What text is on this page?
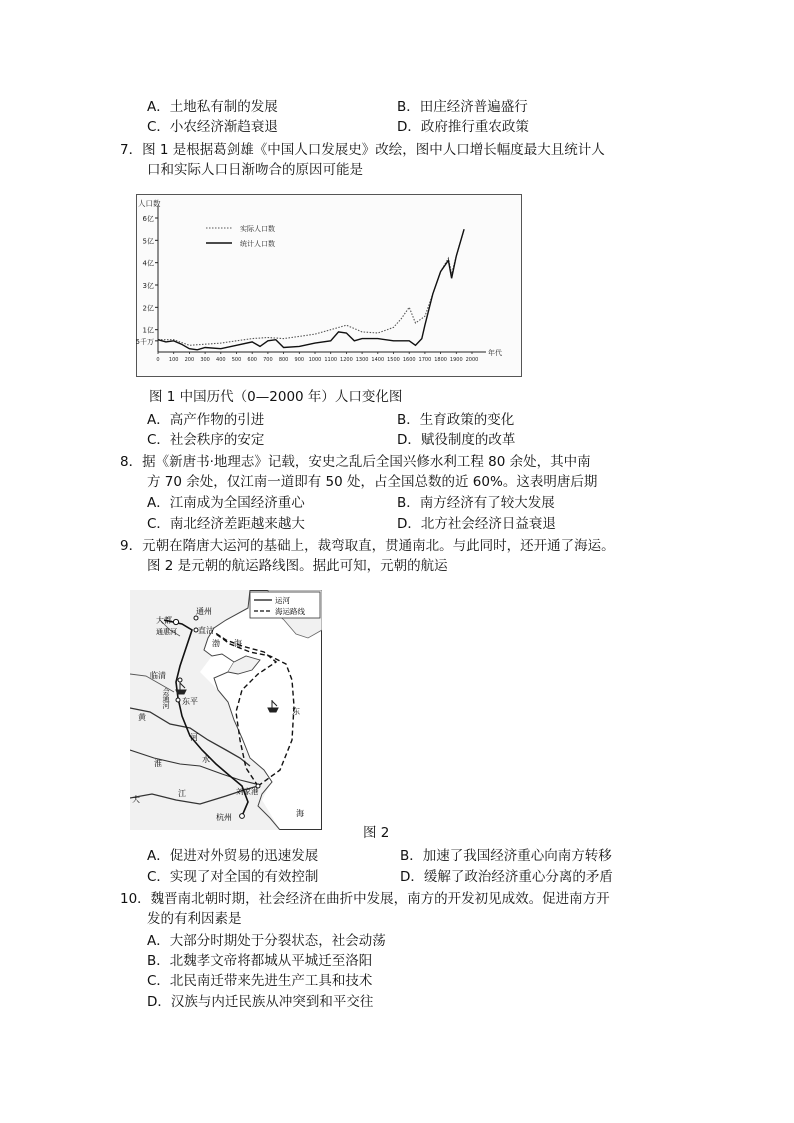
A．土地私有制的发展	B．田庄经济普遍盛行
C．小农经济渐趋衰退	D．政府推行重农政策
7．图 1 是根据葛剑雄《中国人口发展史》改绘，图中人口增长幅度最大且统计人
口和实际人口日渐吻合的原因可能是
5千万
1亿
2亿
3亿
4亿
5亿
6亿
0 100 200 300 400 500 600 700 800 900 1000 1100 1200 1300 1400 1500 1600 1700 1800 1900 2000
人口数
年代
实际人口数
统计人口数
图 1 中国历代（0—2000 年）人口变化图
A．高产作物的引进	B．生育政策的变化
C．社会秩序的安定	D．赋役制度的改革
8．据《新唐书·地理志》记载，安史之乱后全国兴修水利工程 80 余处，其中南
方 70 余处，仅江南一道即有 50 处，占全国总数的近 60%。这表明唐后期
A．江南成为全国经济重心	B．南方经济有了较大发展
C．南北经济差距越来越大	D．北方社会经济日益衰退
9．元朝在隋唐大运河的基础上，裁弯取直，贯通南北。与此同时，还开通了海运。
图 2 是元朝的航运路线图。据此可知，元朝的航运
运河
海运路线
大都
通州
通惠河	直沽
渤 海
临清
会通河 东平
黄
河
东
淮	水
大
江
杭州
刘家港
海
图 2
A．促进对外贸易的迅速发展	B．加速了我国经济重心向南方转移
C．实现了对全国的有效控制	D．缓解了政治经济重心分离的矛盾
10．魏晋南北朝时期，社会经济在曲折中发展，南方的开发初见成效。促进南方开
发的有利因素是
A．大部分时期处于分裂状态，社会动荡
B．北魏孝文帝将都城从平城迁至洛阳
C．北民南迁带来先进生产工具和技术
D．汉族与内迁民族从冲突到和平交往
